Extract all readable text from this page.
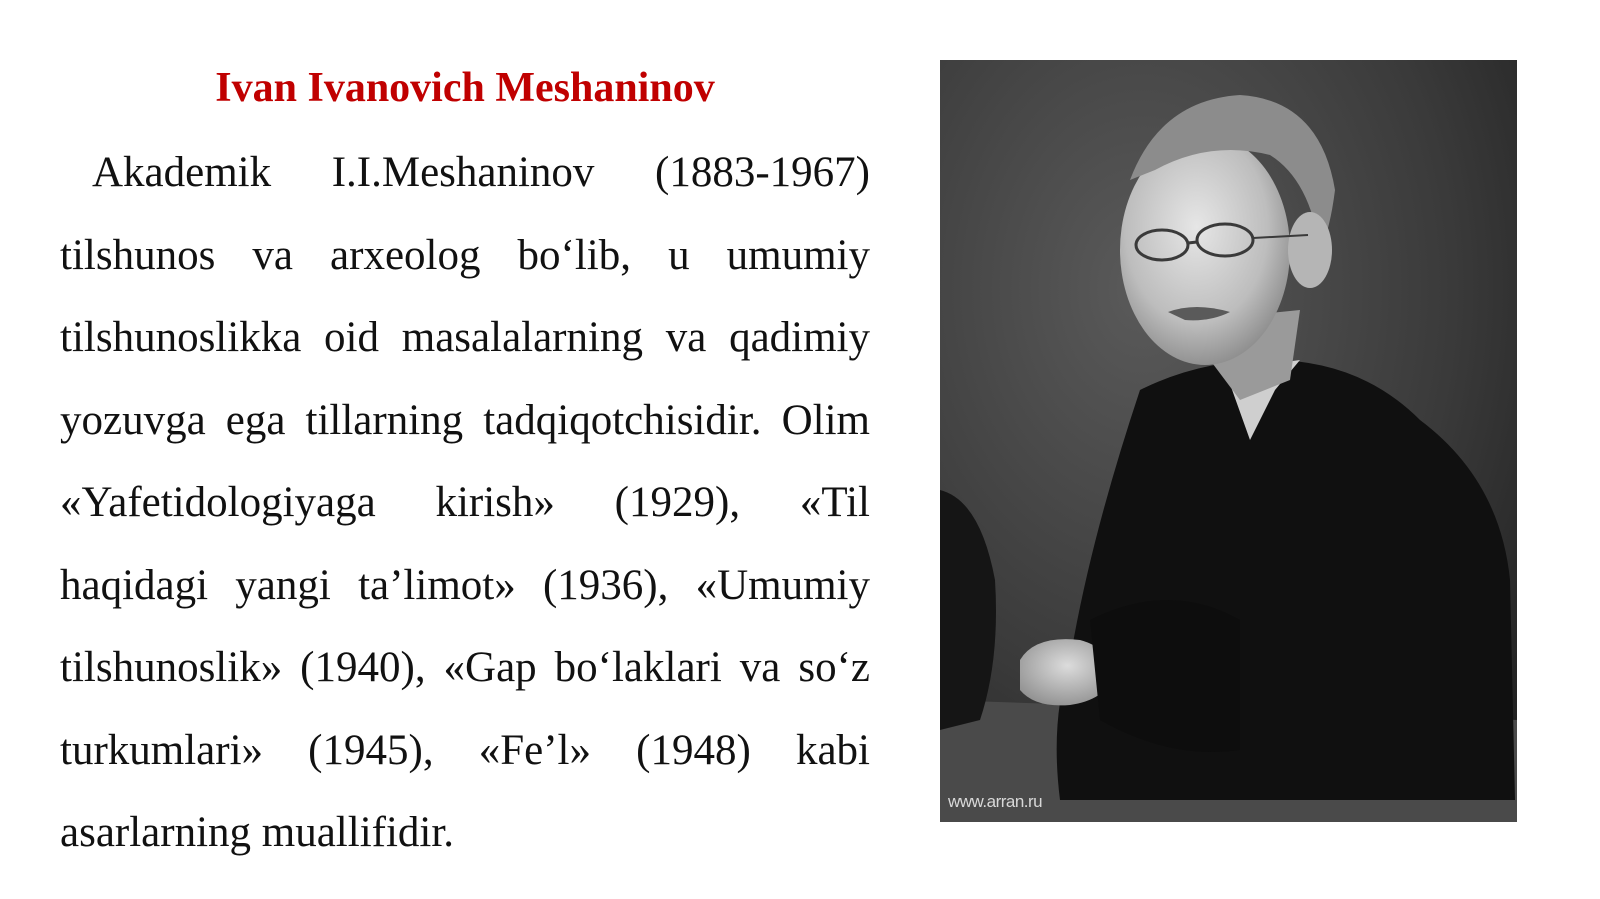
Ivan Ivanovich Meshaninov

Akademik I.I.Meshaninov (1883-1967) tilshunos va arxeolog bo‘lib, u umumiy tilshunoslikka oid masalalarning va qadimiy yozuvga ega tillarning tadqiqotchisidir. Olim «Yafetidologiyaga kirish» (1929), «Til haqidagi yangi ta’limot» (1936), «Umumiy tilshunoslik» (1940), «Gap bo‘laklari va so‘z turkumlari» (1945), «Fe’l» (1948) kabi asarlarning muallifidir.

www.arran.ru
